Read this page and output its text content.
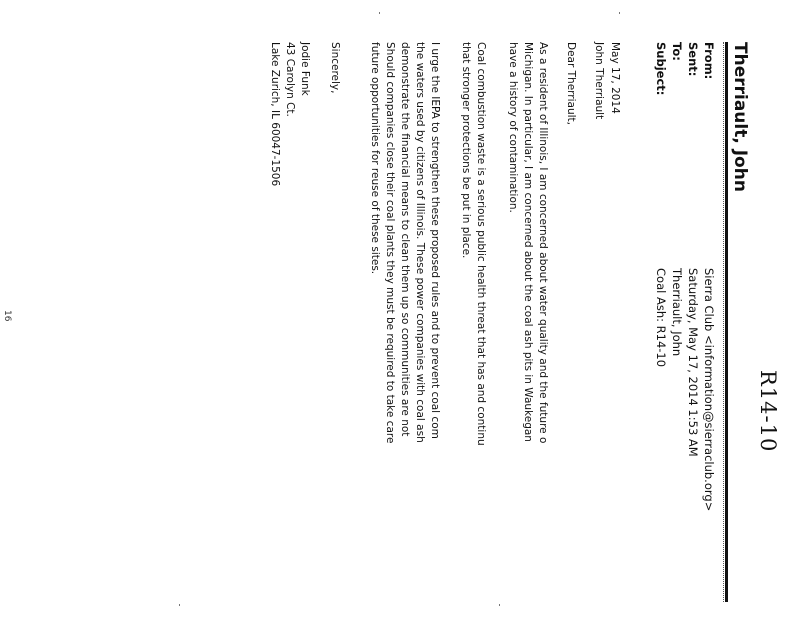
R14-10
Therriault, John
From:
Sierra Club <information@sierraclub.org>
Sent:
Saturday, May 17, 2014 1:53 AM
To:
Therriault, John
Subject:
Coal Ash: R14-10
May 17, 2014
John Therriault
Dear Therriault,
As a resident of Illinois, I am concerned about water quality and the future o
Michigan. In particular, I am concerned about the coal ash pits in Waukegan
have a history of contamination.
Coal combustion waste is a serious public health threat that has and continu
that stronger protections be put in place.
I urge the IEPA to strengthen these proposed rules and to prevent coal com
the waters used by citizens of Illinois. These power companies with coal ash
demonstrate the financial means to clean them up so communities are not
Should companies close their coal plants they must be required to take care
future opportunities for reuse of these sites.
Sincerely,
Jodie Funk
43 Carolyn Ct.
Lake Zurich, IL 60047-1506
16
